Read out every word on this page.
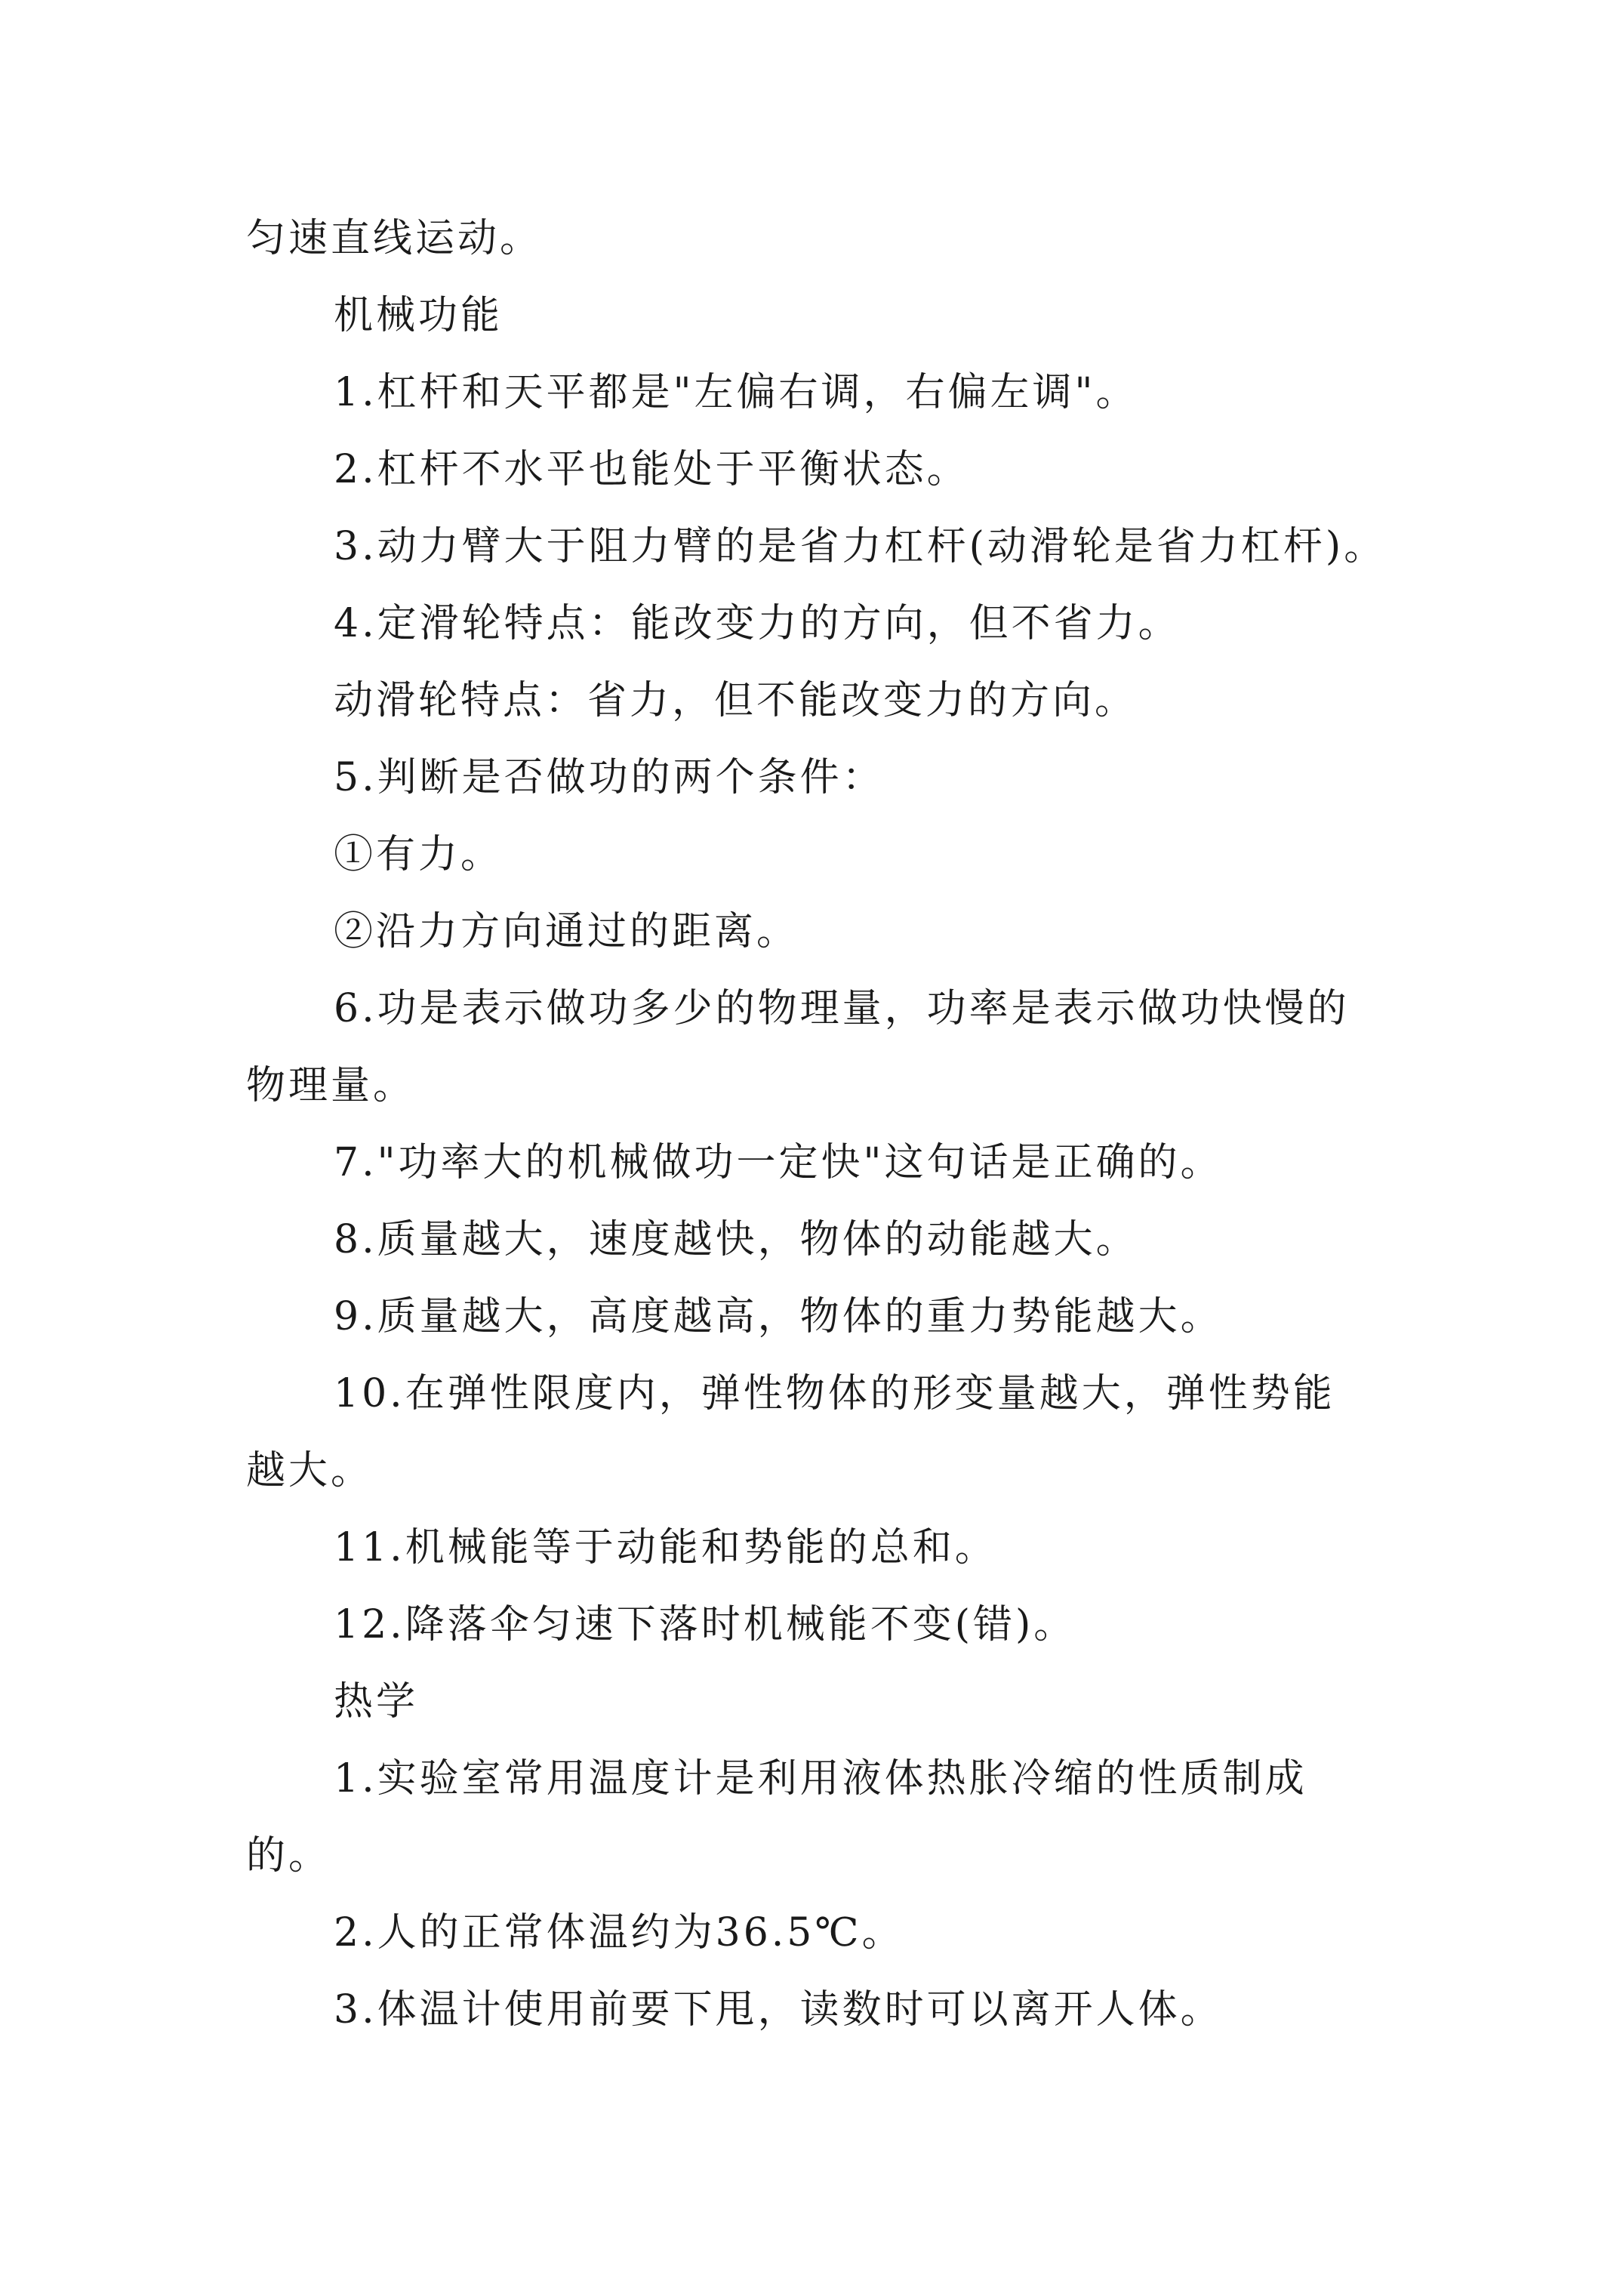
匀速直线运动。
机械功能
1.杠杆和天平都是"左偏右调，右偏左调"。
2.杠杆不水平也能处于平衡状态。
3.动力臂大于阻力臂的是省力杠杆(动滑轮是省力杠杆)。
4.定滑轮特点：能改变力的方向，但不省力。
动滑轮特点：省力，但不能改变力的方向。
5.判断是否做功的两个条件：
①有力。
②沿力方向通过的距离。
6.功是表示做功多少的物理量，功率是表示做功快慢的
物理量。
7."功率大的机械做功一定快"这句话是正确的。
8.质量越大，速度越快，物体的动能越大。
9.质量越大，高度越高，物体的重力势能越大。
10.在弹性限度内，弹性物体的形变量越大，弹性势能
越大。
11.机械能等于动能和势能的总和。
12.降落伞匀速下落时机械能不变(错)。
热学
1.实验室常用温度计是利用液体热胀冷缩的性质制成
的。
2.人的正常体温约为36.5℃。
3.体温计使用前要下甩，读数时可以离开人体。
